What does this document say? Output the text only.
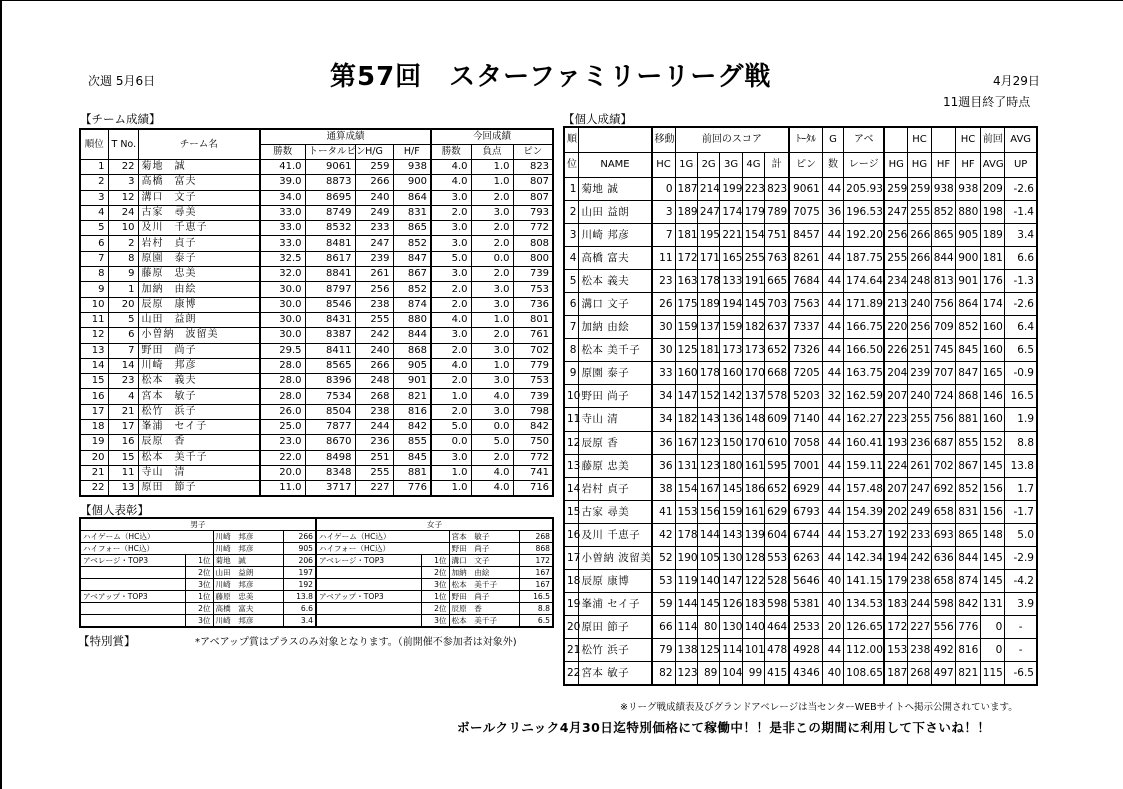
第57回　スターファミリーリーグ戦
次週 5月6日	4月29日
11週目終了時点
【チーム成績】	【個人成績】
【個人表彰】
順位	T No.	チーム名	通算成績				今回成績		
			勝数	トータルピン	H/G	H/F	勝数	負点	ピン
1	22	菊地　誠	41.0	9061	259	938	4.0	1.0	823
2	3	高橋　富夫	39.0	8873	266	900	4.0	1.0	807
3	12	溝口　文子	34.0	8695	240	864	3.0	2.0	807
4	24	古家　尋美	33.0	8749	249	831	2.0	3.0	793
5	10	及川　千恵子	33.0	8532	233	865	3.0	2.0	772
6	2	岩村　貞子	33.0	8481	247	852	3.0	2.0	808
7	8	原園　泰子	32.5	8617	239	847	5.0	0.0	800
8	9	藤原　忠美	32.0	8841	261	867	3.0	2.0	739
9	1	加納　由絵	30.0	8797	256	852	2.0	3.0	753
10	20	辰原　康博	30.0	8546	238	874	2.0	3.0	736
11	5	山田　益朗	30.0	8431	255	880	4.0	1.0	801
12	6	小曽納　波留美	30.0	8387	242	844	3.0	2.0	761
13	7	野田　尚子	29.5	8411	240	868	2.0	3.0	702
14	14	川崎　邦彦	28.0	8565	266	905	4.0	1.0	779
15	23	松本　義夫	28.0	8396	248	901	2.0	3.0	753
16	4	宮本　敏子	28.0	7534	268	821	1.0	4.0	739
17	21	松竹　浜子	26.0	8504	238	816	2.0	3.0	798
18	17	峯浦　セイ子	25.0	7877	244	842	5.0	0.0	842
19	16	辰原　香	23.0	8670	236	855	0.0	5.0	750
20	15	松本　美千子	22.0	8498	251	845	3.0	2.0	772
21	11	寺山　清	20.0	8348	255	881	1.0	4.0	741
22	13	原田　節子	11.0	3717	227	776	1.0	4.0	716
男子				女子			
ハイゲーム（HC込）		川崎　邦彦	266	ハイゲーム（HC込）		宮本　敏子	268
ハイフォー（HC込）		川崎　邦彦	905	ハイフォー（HC込）		野田　尚子	868
アベレージ・TOP3	1位	菊地　誠	206	アベレージ・TOP3	1位	溝口　文子	172
	2位	山田　益朗	197		2位	加納　由絵	167
	3位	川崎　邦彦	192		3位	松本　美千子	167
アベアップ・TOP3	1位	藤原　忠美	13.8	アベアップ・TOP3	1位	野田　尚子	16.5
	2位	高橋　富夫	6.6		2位	辰原　香	8.8
	3位	川崎　邦彦	3.4		3位	松本　美千子	6.5
【特別賞】	*アベアップ賞はプラスのみ対象となります。（前開催不参加者は対象外)
順		移動	前回のスコア					ﾄｰﾀﾙ	G	アベ		HC		HC	前回	AVG
位	NAME	HC	1G	2G	3G	4G	計	ピン	数	レージ	HG	HG	HF	HF	AVG	UP
1	菊地 誠	0	187	214	199	223	823	9061	44	205.93	259	259	938	938	209	-2.6
2	山田 益朗	3	189	247	174	179	789	7075	36	196.53	247	255	852	880	198	-1.4
3	川崎 邦彦	7	181	195	221	154	751	8457	44	192.20	256	266	865	905	189	3.4
4	高橋 富夫	11	172	171	165	255	763	8261	44	187.75	255	266	844	900	181	6.6
5	松本 義夫	23	163	178	133	191	665	7684	44	174.64	234	248	813	901	176	-1.3
6	溝口 文子	26	175	189	194	145	703	7563	44	171.89	213	240	756	864	174	-2.6
7	加納 由絵	30	159	137	159	182	637	7337	44	166.75	220	256	709	852	160	6.4
8	松本 美千子	30	125	181	173	173	652	7326	44	166.50	226	251	745	845	160	6.5
9	原園 泰子	33	160	178	160	170	668	7205	44	163.75	204	239	707	847	165	-0.9
10	野田 尚子	34	147	152	142	137	578	5203	32	162.59	207	240	724	868	146	16.5
11	寺山 清	34	182	143	136	148	609	7140	44	162.27	223	255	756	881	160	1.9
12	辰原 香	36	167	123	150	170	610	7058	44	160.41	193	236	687	855	152	8.8
13	藤原 忠美	36	131	123	180	161	595	7001	44	159.11	224	261	702	867	145	13.8
14	岩村 貞子	38	154	167	145	186	652	6929	44	157.48	207	247	692	852	156	1.7
15	古家 尋美	41	153	156	159	161	629	6793	44	154.39	202	249	658	831	156	-1.7
16	及川 千恵子	42	178	144	143	139	604	6744	44	153.27	192	233	693	865	148	5.0
17	小曽納 波留美	52	190	105	130	128	553	6263	44	142.34	194	242	636	844	145	-2.9
18	辰原 康博	53	119	140	147	122	528	5646	40	141.15	179	238	658	874	145	-4.2
19	峯浦 セイ子	59	144	145	126	183	598	5381	40	134.53	183	244	598	842	131	3.9
20	原田 節子	66	114	80	130	140	464	2533	20	126.65	172	227	556	776	0	-
21	松竹 浜子	79	138	125	114	101	478	4928	44	112.00	153	238	492	816	0	-
22	宮本 敏子	82	123	89	104	99	415	4346	40	108.65	187	268	497	821	115	-6.5
※リーグ戦成績表及びグランドアベレージは当センターWEBサイトへ掲示公開されています。
ボールクリニック4月30日迄特別価格にて稼働中！！是非この期間に利用して下さいね！！
